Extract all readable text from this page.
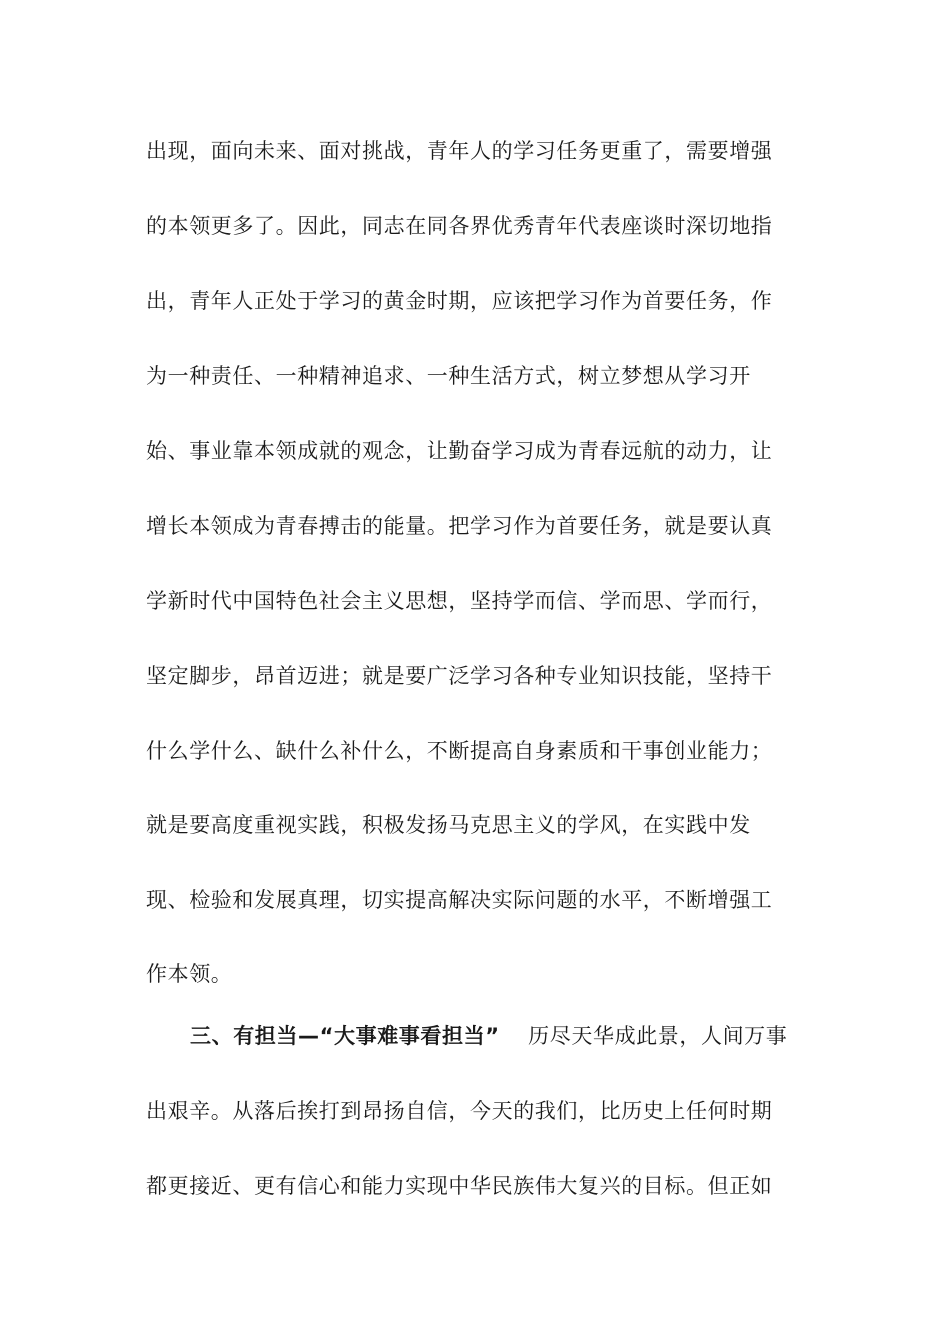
出现，面向未来、面对挑战，青年人的学习任务更重了，需要增强
的本领更多了。因此，同志在同各界优秀青年代表座谈时深切地指
出，青年人正处于学习的黄金时期，应该把学习作为首要任务，作
为一种责任、一种精神追求、一种生活方式，树立梦想从学习开
始、事业靠本领成就的观念，让勤奋学习成为青春远航的动力，让
增长本领成为青春搏击的能量。把学习作为首要任务，就是要认真
学新时代中国特色社会主义思想，坚持学而信、学而思、学而行，
坚定脚步，昂首迈进；就是要广泛学习各种专业知识技能，坚持干
什么学什么、缺什么补什么，不断提高自身素质和干事创业能力；
就是要高度重视实践，积极发扬马克思主义的学风，在实践中发
现、检验和发展真理，切实提高解决实际问题的水平，不断增强工
作本领。
三、有担当—“大事难事看担当” 历尽天华成此景，人间万事
出艰辛。从落后挨打到昂扬自信，今天的我们，比历史上任何时期
都更接近、更有信心和能力实现中华民族伟大复兴的目标。但正如
